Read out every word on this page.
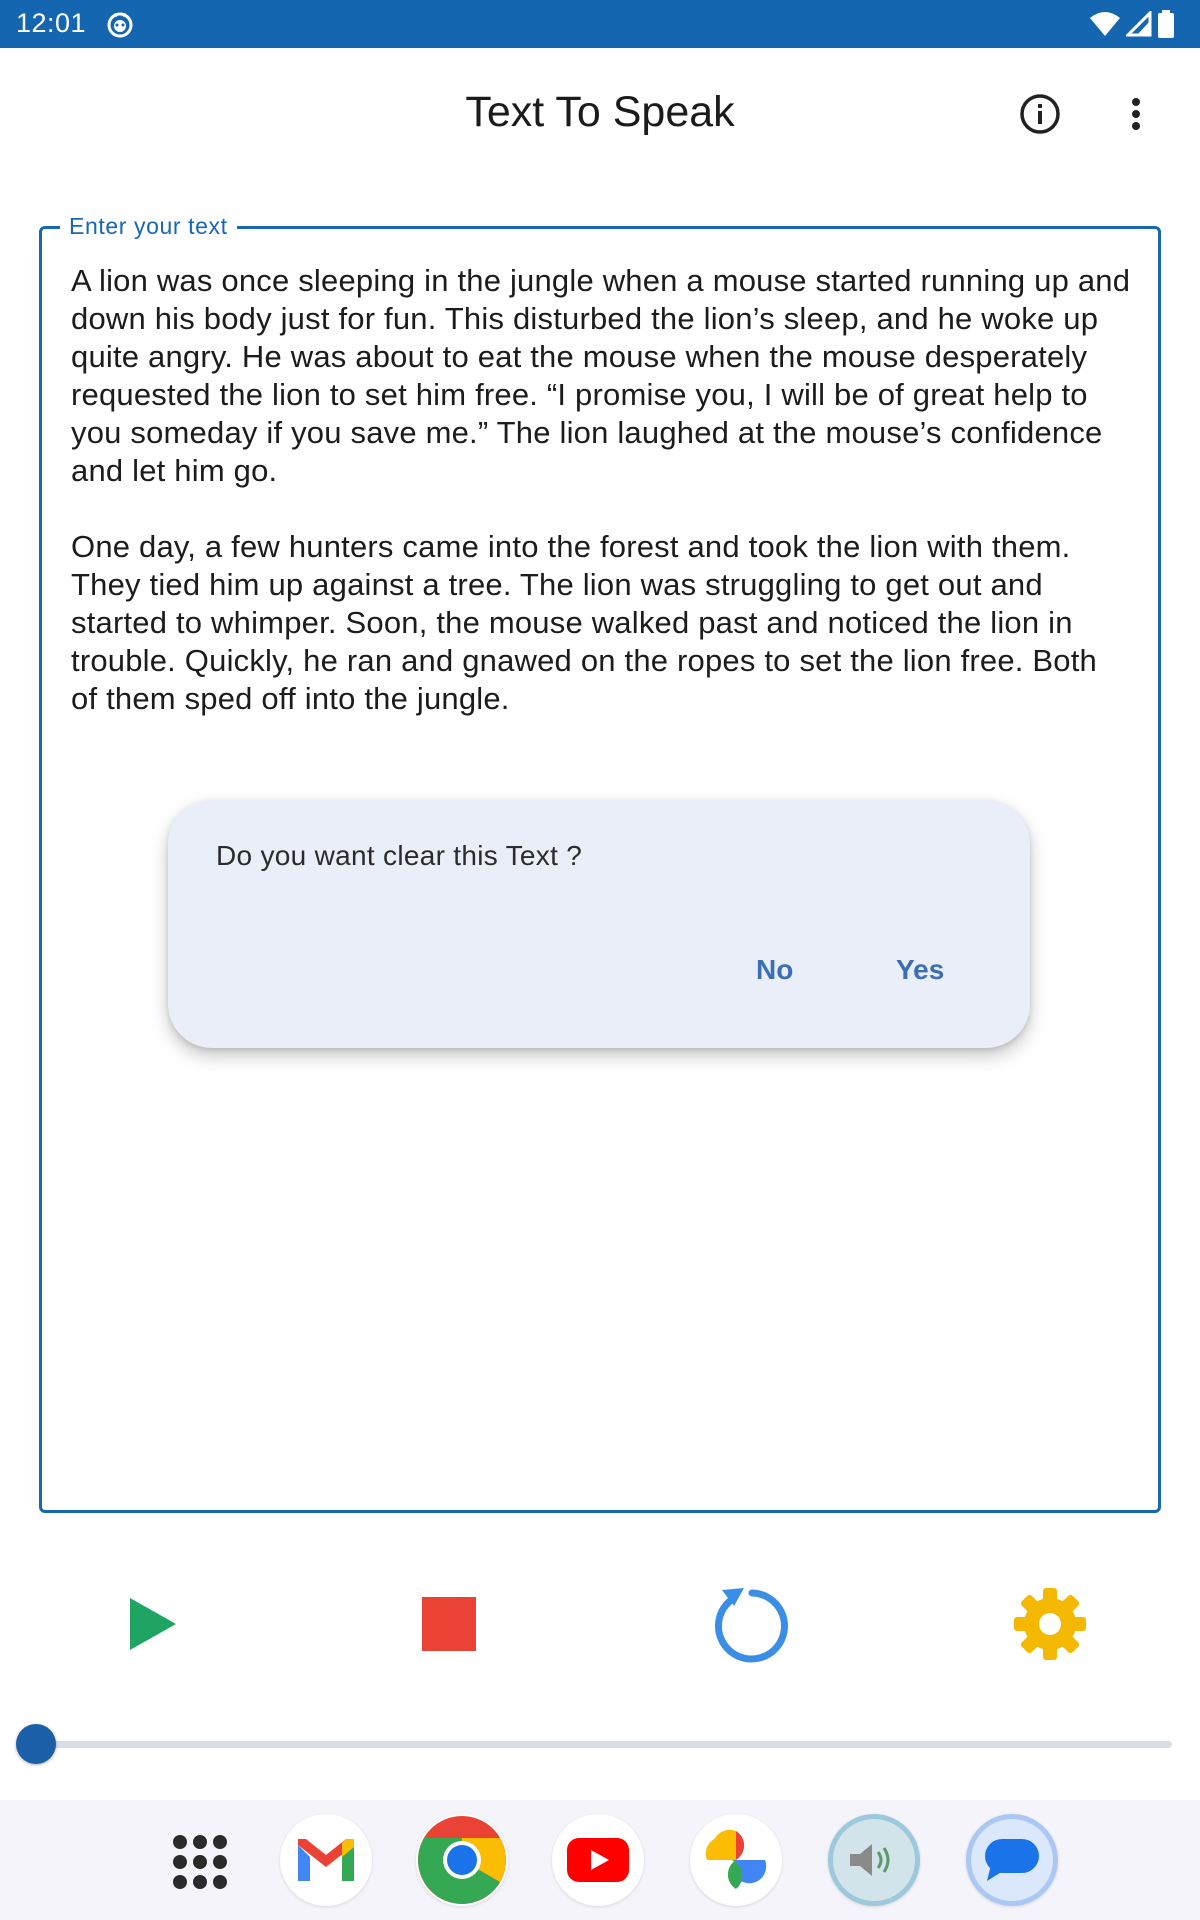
12:01
Text To Speak
Enter your text

A lion was once sleeping in the jungle when a mouse started running up and down his body just for fun. This disturbed the lion’s sleep, and he woke up quite angry. He was about to eat the mouse when the mouse desperately requested the lion to set him free. “I promise you, I will be of great help to you someday if you save me.” The lion laughed at the mouse’s confidence and let him go.

One day, a few hunters came into the forest and took the lion with them. They tied him up against a tree. The lion was struggling to get out and started to whimper. Soon, the mouse walked past and noticed the lion in trouble. Quickly, he ran and gnawed on the ropes to set the lion free. Both of them sped off into the jungle.

Do you want clear this Text ?
No	Yes
